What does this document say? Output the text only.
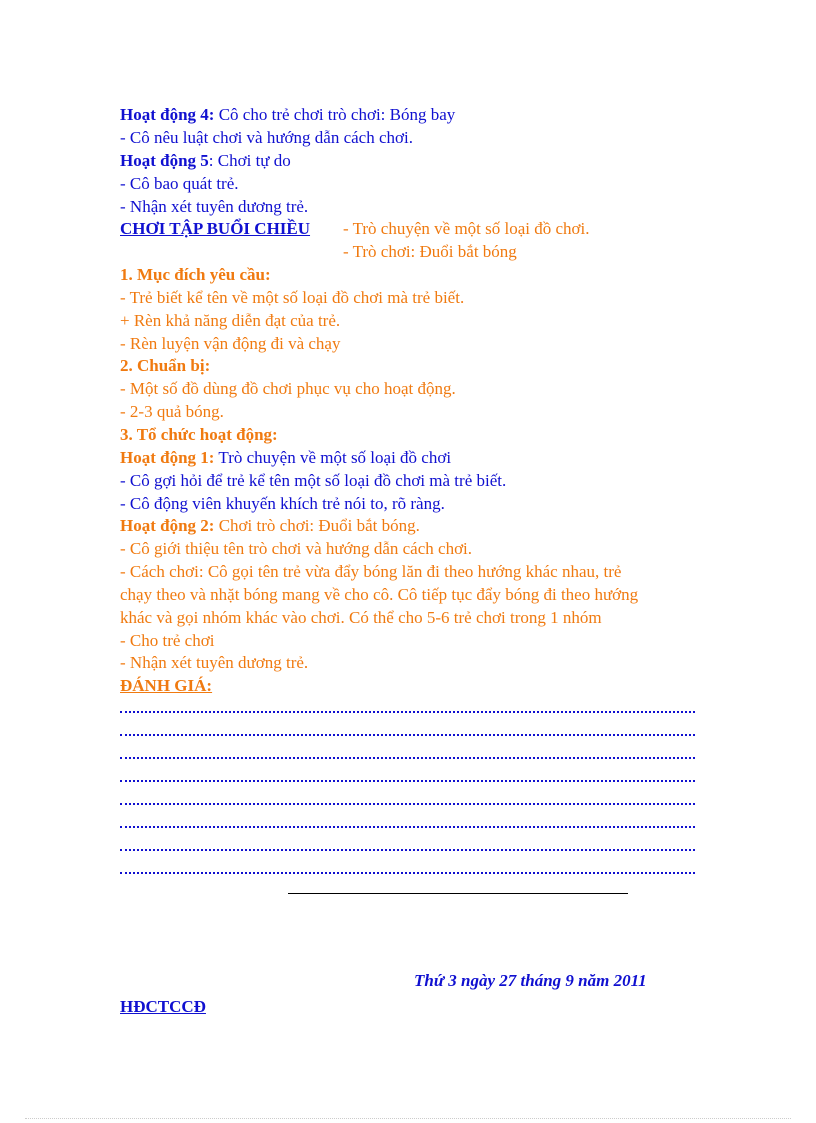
Hoạt động 4: Cô cho trẻ chơi trò chơi: Bóng bay
- Cô nêu luật chơi và hướng dẫn cách chơi.
Hoạt động 5: Chơi tự do
- Cô bao quát trẻ.
- Nhận xét tuyên dương trẻ.
CHƠI TẬP BUỔI CHIỀU - Trò chuyện về một số loại đồ chơi.
- Trò chơi: Đuổi bắt bóng
1. Mục đích yêu cầu:
- Trẻ biết kể tên về một số loại đồ chơi mà trẻ biết.
+ Rèn khả năng diễn đạt của trẻ.
- Rèn luyện vận động đi và chạy
2. Chuẩn bị:
- Một số đồ dùng đồ chơi phục vụ cho hoạt động.
- 2-3 quả bóng.
3. Tổ chức hoạt động:
Hoạt động 1: Trò chuyện về một số loại đồ chơi
- Cô gợi hỏi để trẻ kể tên một số loại đồ chơi mà trẻ biết.
- Cô động viên khuyến khích trẻ nói to, rõ ràng.
Hoạt động 2: Chơi trò chơi: Đuổi bắt bóng.
- Cô giới thiệu tên trò chơi và hướng dẫn cách chơi.
- Cách chơi: Cô gọi tên trẻ vừa đẩy bóng lăn đi theo hướng khác nhau, trẻ
chạy theo và nhặt bóng mang về cho cô. Cô tiếp tục đẩy bóng đi theo hướng
khác và gọi nhóm khác vào chơi. Có thể cho 5-6 trẻ chơi trong 1 nhóm
- Cho trẻ chơi
- Nhận xét tuyên dương trẻ.
ĐÁNH GIÁ:
Thứ 3 ngày 27 tháng 9 năm 2011
HĐCTCCĐ
